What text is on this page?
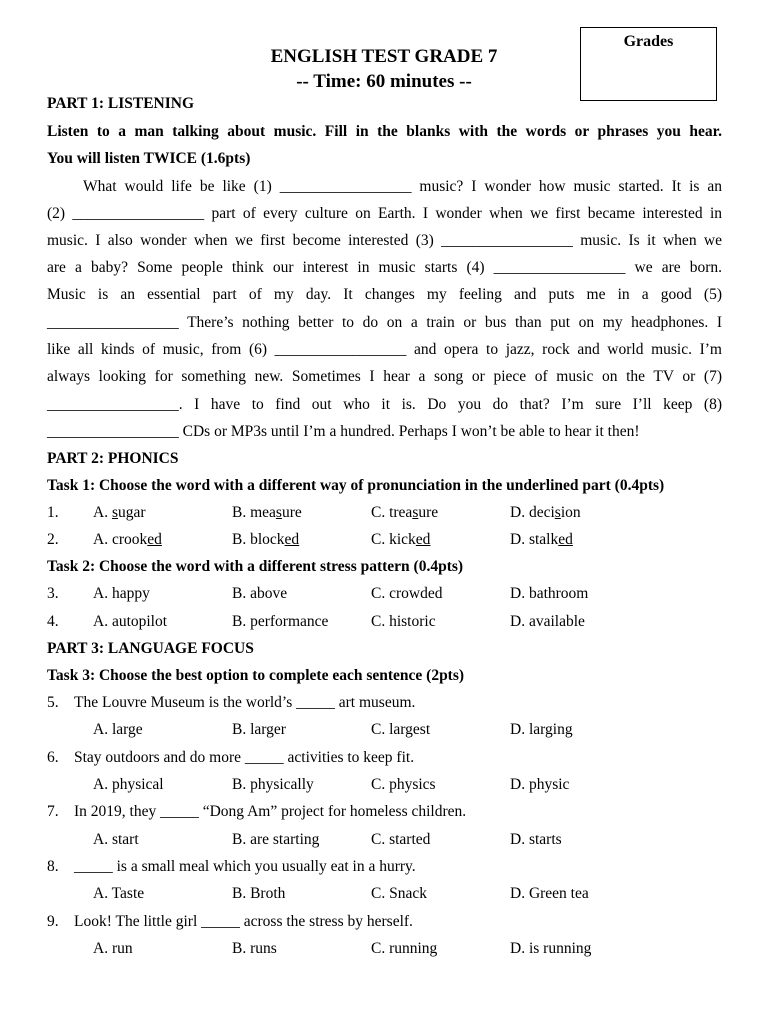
Grades
ENGLISH TEST GRADE 7
-- Time: 60 minutes --
PART 1: LISTENING
Listen to a man talking about music. Fill in the blanks with the words or phrases you hear.
You will listen TWICE (1.6pts)
What would life be like (1) _________________ music? I wonder how music started. It is an
(2) _________________ part of every culture on Earth. I wonder when we first became interested in
music. I also wonder when we first become interested (3) _________________ music. Is it when we
are a baby? Some people think our interest in music starts (4) _________________ we are born.
Music is an essential part of my day. It changes my feeling and puts me in a good (5)
_________________ There’s nothing better to do on a train or bus than put on my headphones. I
like all kinds of music, from (6) _________________ and opera to jazz, rock and world music. I’m
always looking for something new. Sometimes I hear a song or piece of music on the TV or (7)
_________________. I have to find out who it is. Do you do that? I’m sure I’ll keep (8)
_________________ CDs or MP3s until I’m a hundred. Perhaps I won’t be able to hear it then!
PART 2: PHONICS
Task 1: Choose the word with a different way of pronunciation in the underlined part (0.4pts)
1. A. sugar	B. measure	C. treasure	D. decision
2. A. crooked	B. blocked	C. kicked	D. stalked
Task 2: Choose the word with a different stress pattern (0.4pts)
3. A. happy	B. above	C. crowded	D. bathroom
4. A. autopilot	B. performance	C. historic	D. available
PART 3: LANGUAGE FOCUS
Task 3: Choose the best option to complete each sentence (2pts)
5. The Louvre Museum is the world’s _____ art museum.
A. large	B. larger	C. largest	D. larging
6. Stay outdoors and do more _____ activities to keep fit.
A. physical	B. physically	C. physics	D. physic
7. In 2019, they _____ “Dong Am” project for homeless children.
A. start	B. are starting	C. started	D. starts
8. _____ is a small meal which you usually eat in a hurry.
A. Taste	B. Broth	C. Snack	D. Green tea
9. Look! The little girl _____ across the stress by herself.
A. run	B. runs	C. running	D. is running
